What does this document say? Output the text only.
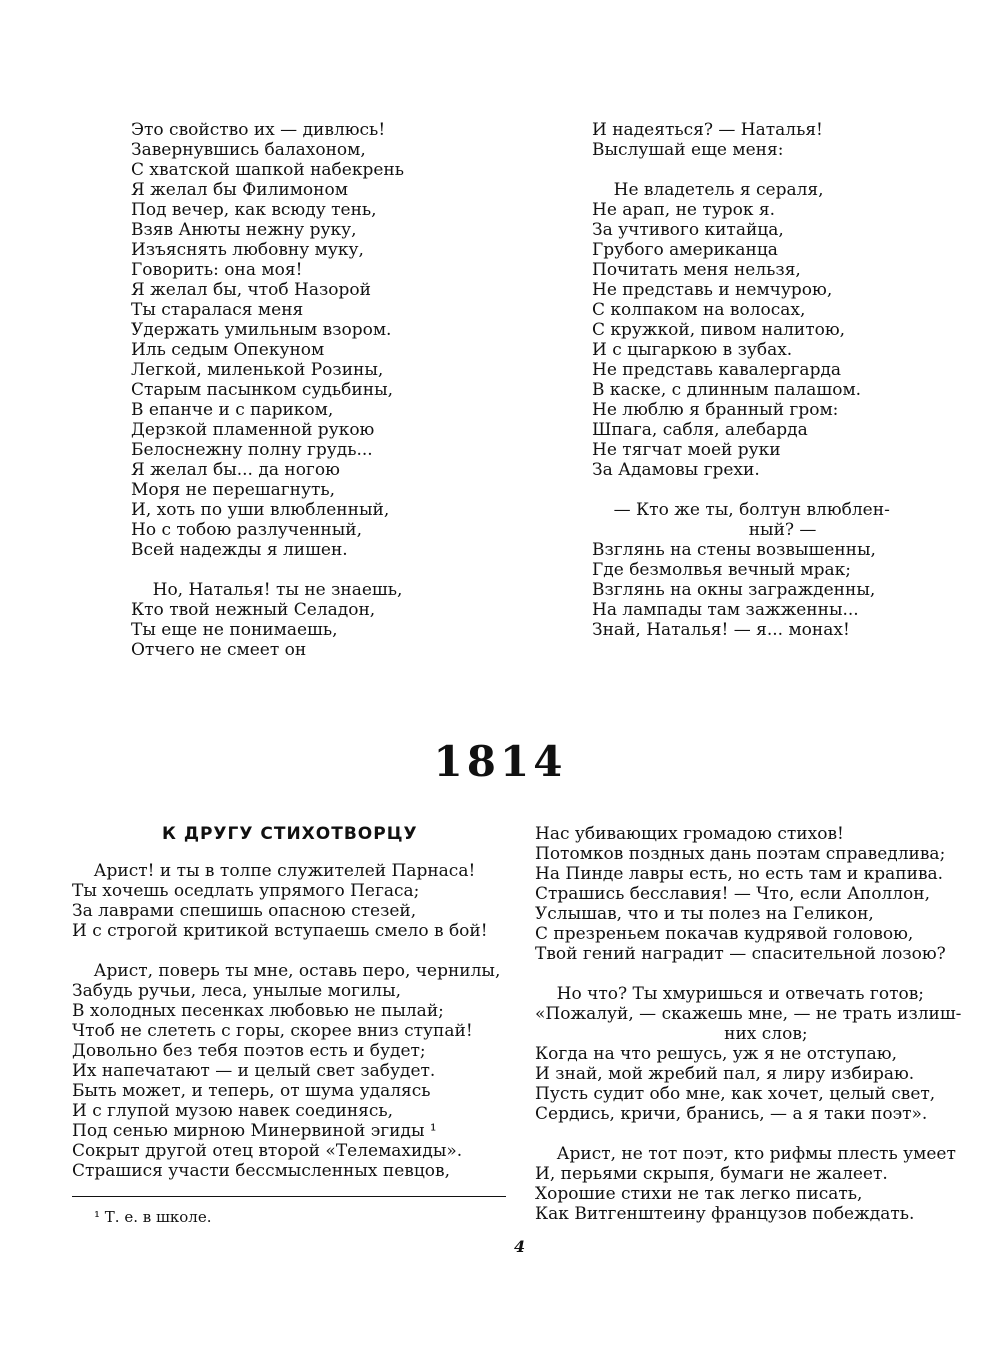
Это свойство их — дивлюсь!
Завернувшись балахоном,
С хватской шапкой набекрень
Я желал бы Филимоном
Под вечер, как всюду тень,
Взяв Анюты нежну руку,
Изъяснять любовну муку,
Говорить: она моя!
Я желал бы, чтоб Назорой
Ты старалася меня
Удержать умильным взором.
Иль седым Опекуном
Легкой, миленькой Розины,
Старым пасынком судьбины,
В епанче и с париком,
Дерзкой пламенной рукою
Белоснежну полну грудь...
Я желал бы... да ногою
Моря не перешагнуть,
И, хоть по уши влюбленный,
Но с тобою разлученный,
Всей надежды я лишен.
Но, Наталья! ты не знаешь,
Кто твой нежный Селадон,
Ты еще не понимаешь,
Отчего не смеет он
И надеяться? — Наталья!
Выслушай еще меня:
Не владетель я сераля,
Не арап, не турок я.
За учтивого китайца,
Грубого американца
Почитать меня нельзя,
Не представь и немчурою,
С колпаком на волосах,
С кружкой, пивом налитою,
И с цыгаркою в зубах.
Не представь кавалергарда
В каске, с длинным палашом.
Не люблю я бранный гром:
Шпага, сабля, алебарда
Не тягчат моей руки
За Адамовы грехи.
— Кто же ты, болтун влюблен-
ный? —
Взглянь на стены возвышенны,
Где безмолвья вечный мрак;
Взглянь на окны загражденны,
На лампады там зажженны...
Знай, Наталья! — я... монах!
1814
К ДРУГУ СТИХОТВОРЦУ
Арист! и ты в толпе служителей Парнаса!
Ты хочешь оседлать упрямого Пегаса;
За лаврами спешишь опасною стезей,
И с строгой критикой вступаешь смело в бой!
Арист, поверь ты мне, оставь перо, чернилы,
Забудь ручьи, леса, унылые могилы,
В холодных песенках любовью не пылай;
Чтоб не слететь с горы, скорее вниз ступай!
Довольно без тебя поэтов есть и будет;
Их напечатают — и целый свет забудет.
Быть может, и теперь, от шума удалясь
И с глупой музою навек соединясь,
Под сенью мирною Минервиной эгиды ¹
Сокрыт другой отец второй «Телемахиды».
Страшися участи бессмысленных певцов,
Нас убивающих громадою стихов!
Потомков поздных дань поэтам справедлива;
На Пинде лавры есть, но есть там и крапива.
Страшись бесславия! — Что, если Аполлон,
Услышав, что и ты полез на Геликон,
С презреньем покачав кудрявой головою,
Твой гений наградит — спасительной лозою?
Но что? Ты хмуришься и отвечать готов;
«Пожалуй, — скажешь мне, — не трать излиш-
них слов;
Когда на что решусь, уж я не отступаю,
И знай, мой жребий пал, я лиру избираю.
Пусть судит обо мне, как хочет, целый свет,
Сердись, кричи, бранись, — а я таки поэт».
Арист, не тот поэт, кто рифмы плесть умеет
И, перьями скрыпя, бумаги не жалеет.
Хорошие стихи не так легко писать,
Как Витгенштеину французов побеждать.
¹ Т. е. в школе.
4
